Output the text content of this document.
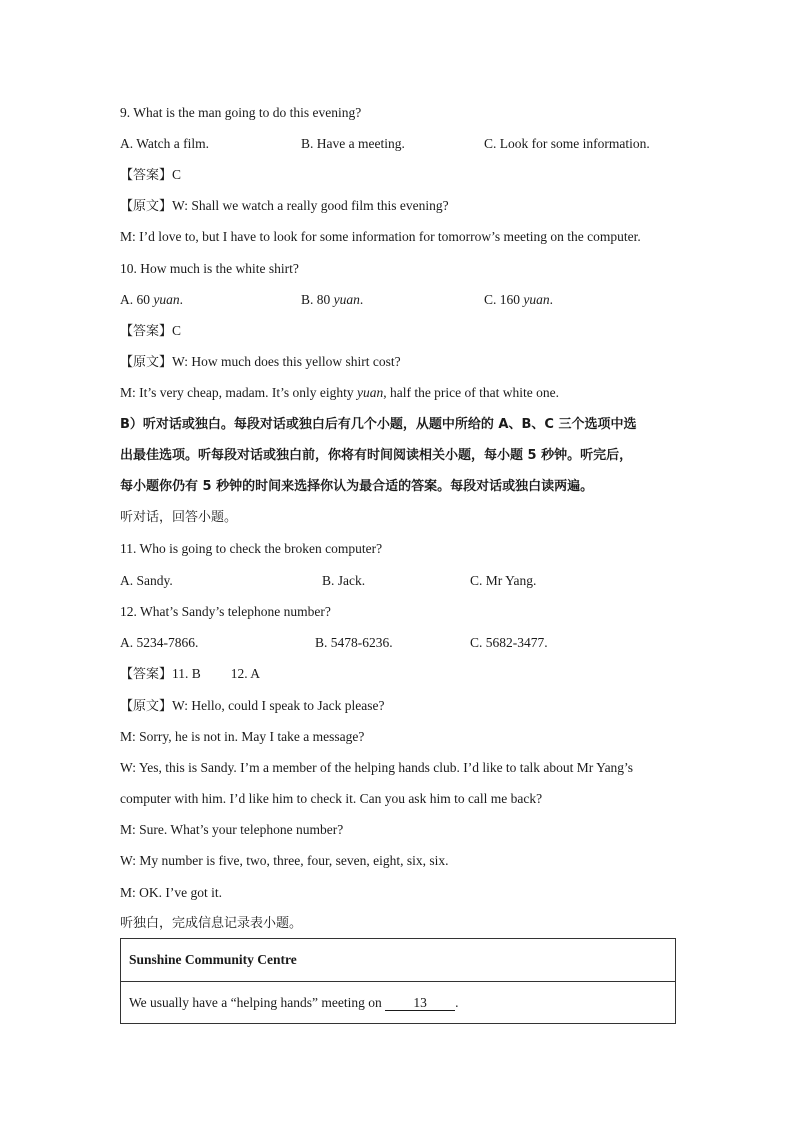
9. What is the man going to do this evening?
A. Watch a film.	B. Have a meeting.	C. Look for some information.
【答案】C
【原文】W: Shall we watch a really good film this evening?
M: I’d love to, but I have to look for some information for tomorrow’s meeting on the computer.
10. How much is the white shirt?
A. 60 yuan.	B. 80 yuan.	C. 160 yuan.
【答案】C
【原文】W: How much does this yellow shirt cost?
M: It’s very cheap, madam. It’s only eighty yuan, half the price of that white one.
B）听对话或独白。每段对话或独白后有几个小题，从题中所给的 A、B、C 三个选项中选
出最佳选项。听每段对话或独白前，你将有时间阅读相关小题，每小题 5 秒钟。听完后，
每小题你仍有 5 秒钟的时间来选择你认为最合适的答案。每段对话或独白读两遍。
听对话，回答小题。
11. Who is going to check the broken computer?
A. Sandy.	B. Jack.	C. Mr Yang.
12. What’s Sandy’s telephone number?
A. 5234-7866.	B. 5478-6236.	C. 5682-3477.
【答案】11. B 12. A
【原文】W: Hello, could I speak to Jack please?
M: Sorry, he is not in. May I take a message?
W: Yes, this is Sandy. I’m a member of the helping hands club. I’d like to talk about Mr Yang’s
computer with him. I’d like him to check it. Can you ask him to call me back?
M: Sure. What’s your telephone number?
W: My number is five, two, three, four, seven, eight, six, six.
M: OK. I’ve got it.
听独白，完成信息记录表小题。
Sunshine Community Centre
We usually have a “helping hands” meeting on 13 .
